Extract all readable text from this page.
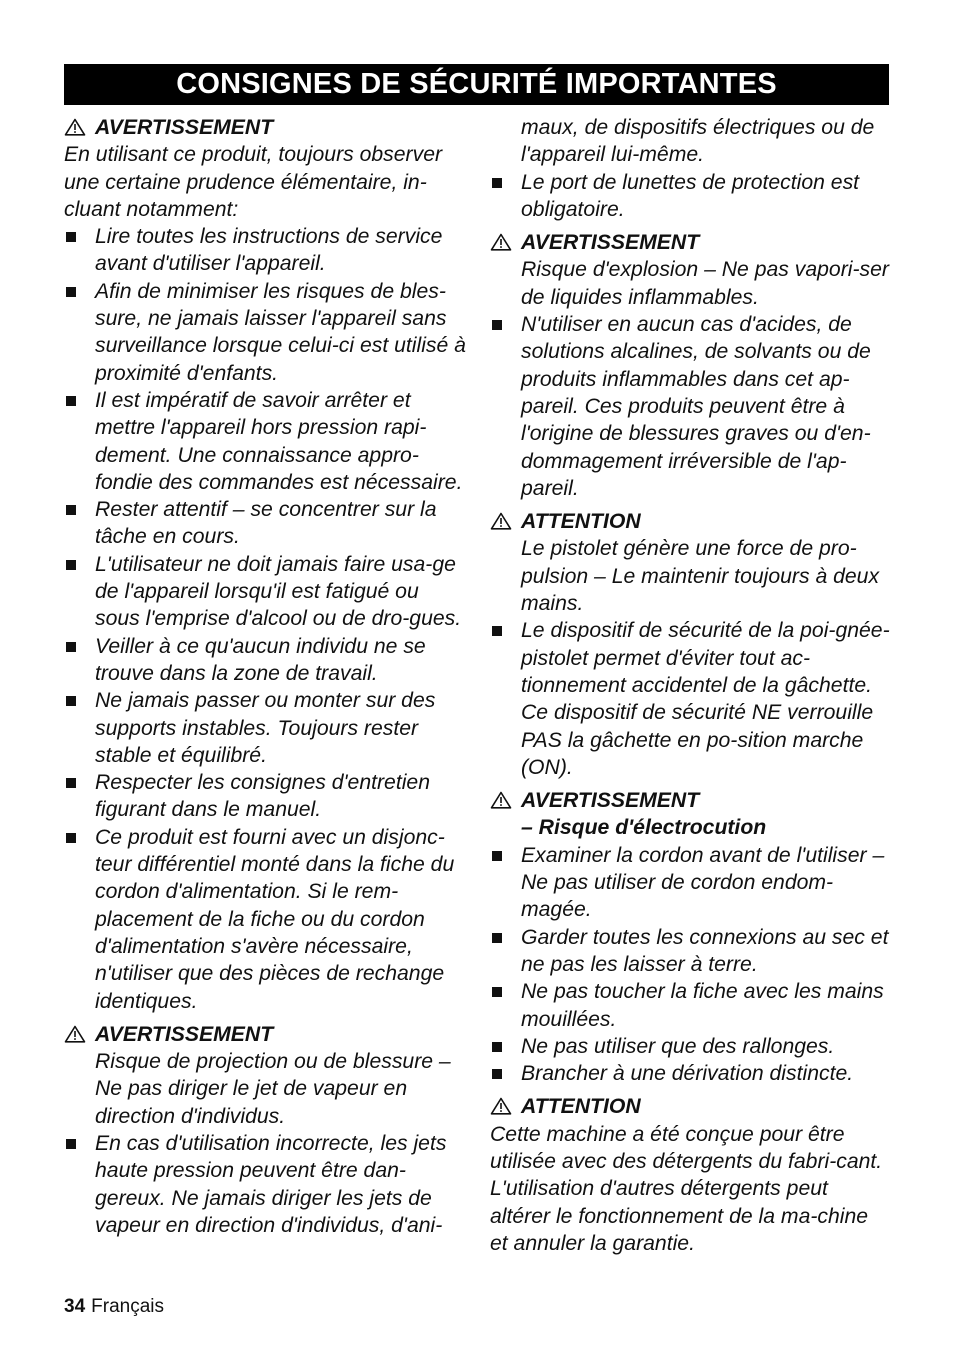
CONSIGNES DE SÉCURITÉ IMPORTANTES
AVERTISSEMENT

En utilisant ce produit, toujours observer une certaine prudence élémentaire, in-cluant notamment:

Lire toutes les instructions de service avant d'utiliser l'appareil.
Afin de minimiser les risques de bles-sure, ne jamais laisser l'appareil sans surveillance lorsque celui-ci est utilisé à proximité d'enfants.
Il est impératif de savoir arrêter et mettre l'appareil hors pression rapi-dement. Une connaissance appro-fondie des commandes est nécessaire.
Rester attentif – se concentrer sur la tâche en cours.
L'utilisateur ne doit jamais faire usa-ge de l'appareil lorsqu'il est fatigué ou sous l'emprise d'alcool ou de dro-gues.
Veiller à ce qu'aucun individu ne se trouve dans la zone de travail.
Ne jamais passer ou monter sur des supports instables. Toujours rester stable et équilibré.
Respecter les consignes d'entretien figurant dans le manuel.
Ce produit est fourni avec un disjonc-teur différentiel monté dans la fiche du cordon d'alimentation. Si le rem-placement de la fiche ou du cordon d'alimentation s'avère nécessaire, n'utiliser que des pièces de rechange identiques.
AVERTISSEMENT

Risque de projection ou de blessure – Ne pas diriger le jet de vapeur en direction d'individus.

En cas d'utilisation incorrecte, les jets haute pression peuvent être dan-gereux. Ne jamais diriger les jets de vapeur en direction d'individus, d'ani-

maux, de dispositifs électriques ou de l'appareil lui-même.

Le port de lunettes de protection est obligatoire.
AVERTISSEMENT

Risque d'explosion – Ne pas vapori-ser de liquides inflammables.

N'utiliser en aucun cas d'acides, de solutions alcalines, de solvants ou de produits inflammables dans cet ap-pareil. Ces produits peuvent être à l'origine de blessures graves ou d'en-dommagement irréversible de l'ap-pareil.
ATTENTION

Le pistolet génère une force de pro-pulsion – Le maintenir toujours à deux mains.

Le dispositif de sécurité de la poi-gnée-pistolet permet d'éviter tout ac-tionnement accidentel de la gâchette. Ce dispositif de sécurité NE verrouille PAS la gâchette en po-sition marche (ON).
AVERTISSEMENT

– Risque d'électrocution

Examiner la cordon avant de l'utiliser – Ne pas utiliser de cordon endom-magée.
Garder toutes les connexions au sec et ne pas les laisser à terre.
Ne pas toucher la fiche avec les mains mouillées.
Ne pas utiliser que des rallonges.
Brancher à une dérivation distincte.
ATTENTION

Cette machine a été conçue pour être utilisée avec des détergents du fabri-cant. L'utilisation d'autres détergents peut altérer le fonctionnement de la ma-chine et annuler la garantie.

34 Français
